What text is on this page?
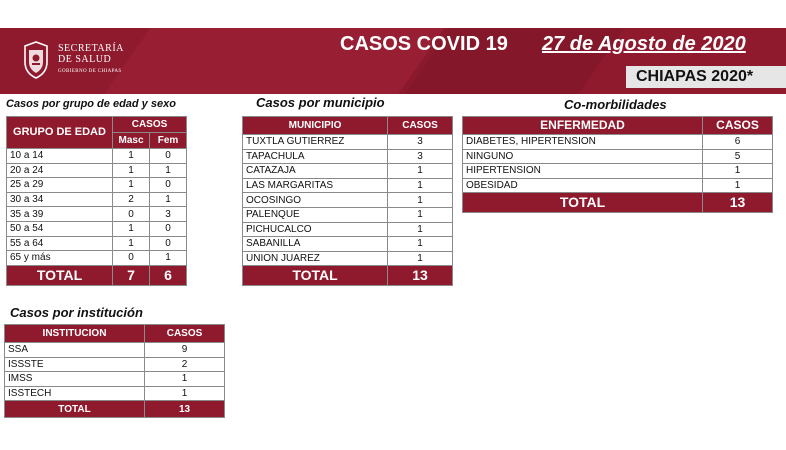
SECRETARÍA
DE SALUD
GOBIERNO DE CHIAPAS
CASOS COVID 19 27 de Agosto de 2020
CHIAPAS 2020*
Casos por grupo de edad y sexo
GRUPO DE EDAD	CASOS	
	Masc	Fem
10 a 14	1	0
20 a 24	1	1
25 a 29	1	0
30 a 34	2	1
35 a 39	0	3
50 a 54	1	0
55 a 64	1	0
65 y más	0	1
TOTAL	7	6
Casos por institución
INSTITUCION	CASOS
SSA	9
ISSSTE	2
IMSS	1
ISSTECH	1
TOTAL	13
Casos por municipio
MUNICIPIO	CASOS
TUXTLA GUTIERREZ	3
TAPACHULA	3
CATAZAJA	1
LAS MARGARITAS	1
OCOSINGO	1
PALENQUE	1
PICHUCALCO	1
SABANILLA	1
UNION JUAREZ	1
TOTAL	13
Co-morbilidades
ENFERMEDAD	CASOS
DIABETES, HIPERTENSION	6
NINGUNO	5
HIPERTENSION	1
OBESIDAD	1
TOTAL	13
